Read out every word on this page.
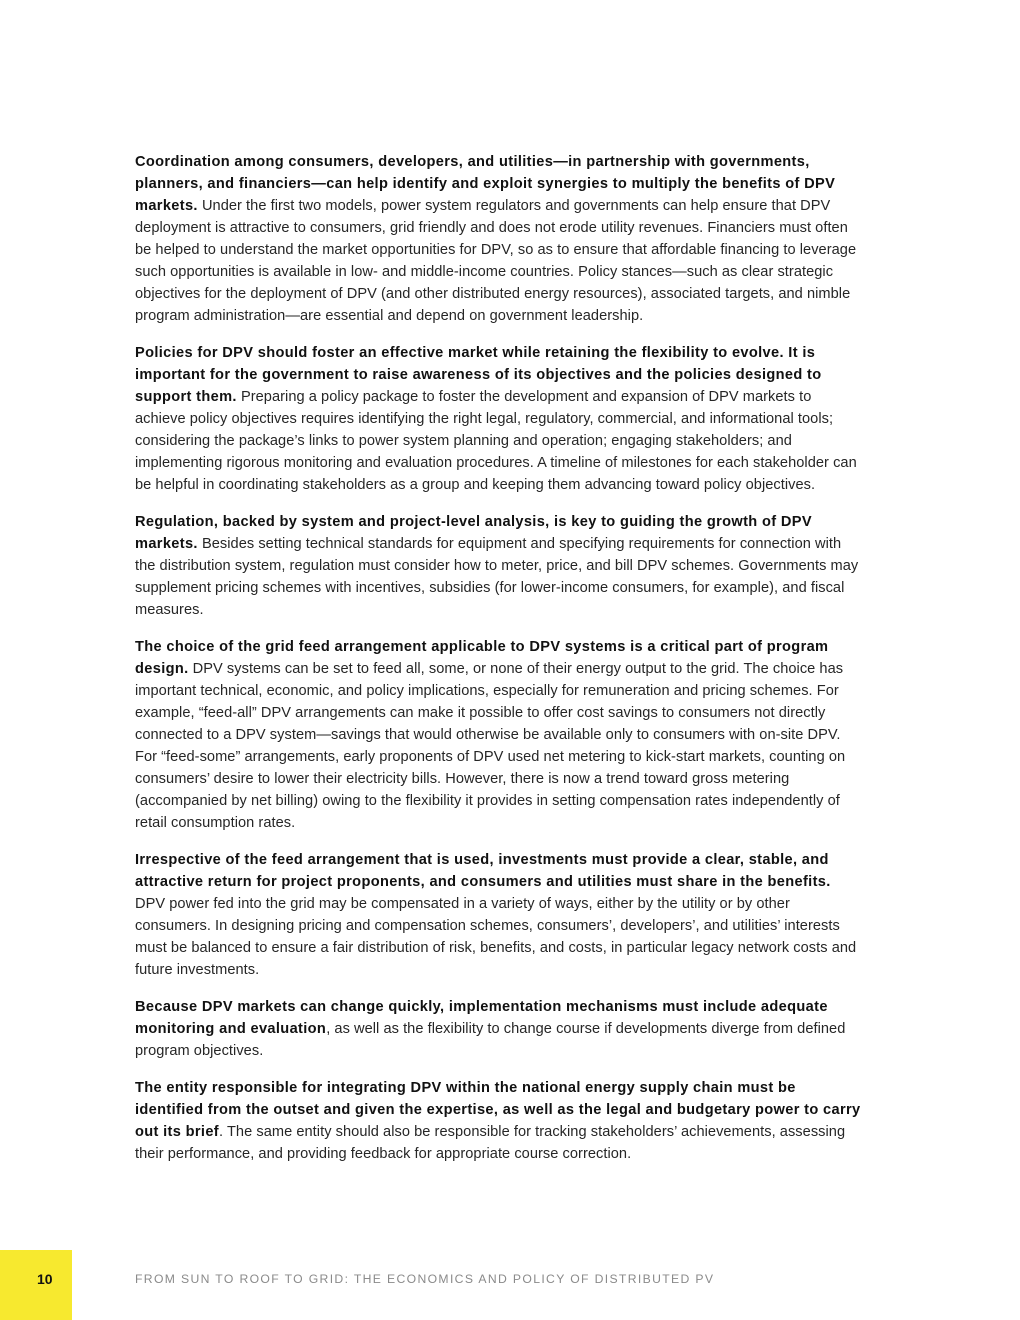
Coordination among consumers, developers, and utilities—in partnership with governments, planners, and financiers—can help identify and exploit synergies to multiply the benefits of DPV markets. Under the first two models, power system regulators and governments can help ensure that DPV deployment is attractive to consumers, grid friendly and does not erode utility revenues. Financiers must often be helped to understand the market opportunities for DPV, so as to ensure that affordable financing to leverage such opportunities is available in low- and middle-income countries. Policy stances—such as clear strategic objectives for the deployment of DPV (and other distributed energy resources), associated targets, and nimble program administration—are essential and depend on government leadership.

Policies for DPV should foster an effective market while retaining the flexibility to evolve. It is important for the government to raise awareness of its objectives and the policies designed to support them. Preparing a policy package to foster the development and expansion of DPV markets to achieve policy objectives requires identifying the right legal, regulatory, commercial, and informational tools; considering the package’s links to power system planning and operation; engaging stakeholders; and implementing rigorous monitoring and evaluation procedures. A timeline of milestones for each stakeholder can be helpful in coordinating stakeholders as a group and keeping them advancing toward policy objectives.

Regulation, backed by system and project-level analysis, is key to guiding the growth of DPV markets. Besides setting technical standards for equipment and specifying requirements for connection with the distribution system, regulation must consider how to meter, price, and bill DPV schemes. Governments may supplement pricing schemes with incentives, subsidies (for lower-income consumers, for example), and fiscal measures.

The choice of the grid feed arrangement applicable to DPV systems is a critical part of program design. DPV systems can be set to feed all, some, or none of their energy output to the grid. The choice has important technical, economic, and policy implications, especially for remuneration and pricing schemes. For example, “feed-all” DPV arrangements can make it possible to offer cost savings to consumers not directly connected to a DPV system—savings that would otherwise be available only to consumers with on-site DPV. For “feed-some” arrangements, early proponents of DPV used net metering to kick-start markets, counting on consumers’ desire to lower their electricity bills. However, there is now a trend toward gross metering (accompanied by net billing) owing to the flexibility it provides in setting compensation rates independently of retail consumption rates.

Irrespective of the feed arrangement that is used, investments must provide a clear, stable, and attractive return for project proponents, and consumers and utilities must share in the benefits. DPV power fed into the grid may be compensated in a variety of ways, either by the utility or by other consumers. In designing pricing and compensation schemes, consumers’, developers’, and utilities’ interests must be balanced to ensure a fair distribution of risk, benefits, and costs, in particular legacy network costs and future investments.

Because DPV markets can change quickly, implementation mechanisms must include adequate monitoring and evaluation, as well as the flexibility to change course if developments diverge from defined program objectives.

The entity responsible for integrating DPV within the national energy supply chain must be identified from the outset and given the expertise, as well as the legal and budgetary power to carry out its brief. The same entity should also be responsible for tracking stakeholders’ achievements, assessing their performance, and providing feedback for appropriate course correction.

10	FROM SUN TO ROOF TO GRID: THE ECONOMICS AND POLICY OF DISTRIBUTED PV
